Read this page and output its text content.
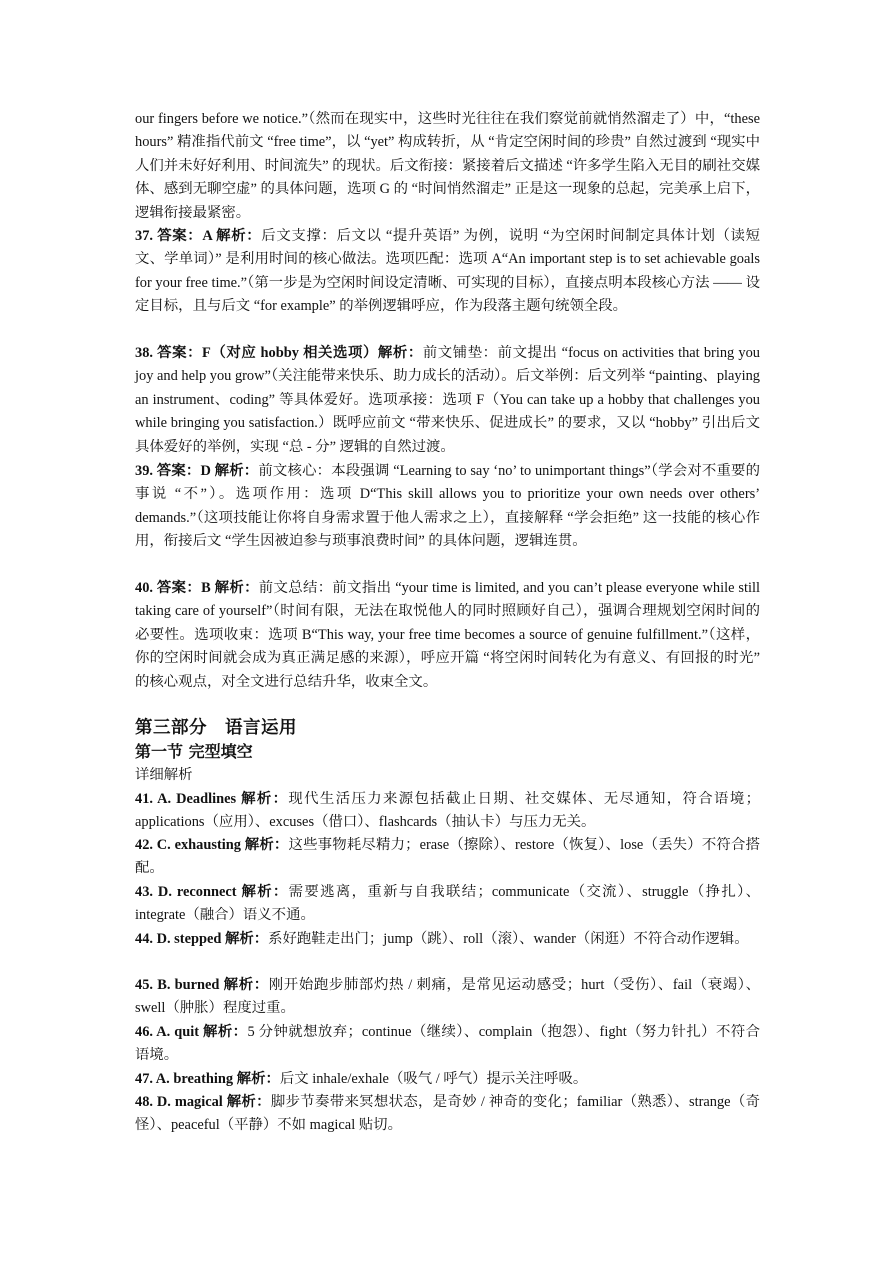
our fingers before we notice.”（然而在现实中，这些时光往往在我们察觉前就悄然溜走了）中，“these hours” 精准指代前文 “free time”，以 “yet” 构成转折，从 “肯定空闲时间的珍贵” 自然过渡到 “现实中人们并未好好利用、时间流失” 的现状。后文衔接：紧接着后文描述 “许多学生陷入无目的刷社交媒体、感到无聊空虚” 的具体问题，选项 G 的 “时间悄然溜走” 正是这一现象的总起，完美承上启下，逻辑衔接最紧密。

37. 答案：A 解析：后文支撑：后文以 “提升英语” 为例，说明 “为空闲时间制定具体计划（读短文、学单词）” 是利用时间的核心做法。选项匹配：选项 A“An important step is to set achievable goals for your free time.”（第一步是为空闲时间设定清晰、可实现的目标），直接点明本段核心方法 —— 设定目标，且与后文 “for example” 的举例逻辑呼应，作为段落主题句统领全段。

38. 答案：F（对应 hobby 相关选项）解析：前文铺垫：前文提出 “focus on activities that bring you joy and help you grow”（关注能带来快乐、助力成长的活动）。后文举例：后文列举 “painting、playing an instrument、coding” 等具体爱好。选项承接：选项 F（You can take up a hobby that challenges you while bringing you satisfaction.）既呼应前文 “带来快乐、促进成长” 的要求，又以 “hobby” 引出后文具体爱好的举例，实现 “总 - 分” 逻辑的自然过渡。

39. 答案：D 解析：前文核心：本段强调 “Learning to say ‘no’ to unimportant things”（学会对不重要的事说 “不”）。选项作用：选项 D“This skill allows you to prioritize your own needs over others’ demands.”（这项技能让你将自身需求置于他人需求之上），直接解释 “学会拒绝” 这一技能的核心作用，衔接后文 “学生因被迫参与琐事浪费时间” 的具体问题，逻辑连贯。

40. 答案：B 解析：前文总结：前文指出 “your time is limited, and you can’t please everyone while still taking care of yourself”（时间有限，无法在取悦他人的同时照顾好自己），强调合理规划空闲时间的必要性。选项收束：选项 B“This way, your free time becomes a source of genuine fulfillment.”（这样，你的空闲时间就会成为真正满足感的来源），呼应开篇 “将空闲时间转化为有意义、有回报的时光” 的核心观点，对全文进行总结升华，收束全文。

第三部分　语言运用
第一节 完型填空

详细解析

41. A. Deadlines 解析：现代生活压力来源包括截止日期、社交媒体、无尽通知，符合语境；applications（应用）、excuses（借口）、flashcards（抽认卡）与压力无关。

42. C. exhausting 解析：这些事物耗尽精力；erase（擦除）、restore（恢复）、lose（丢失）不符合搭配。

43. D. reconnect 解析：需要逃离，重新与自我联结；communicate（交流）、struggle（挣扎）、integrate（融合）语义不通。

44. D. stepped 解析：系好跑鞋走出门；jump（跳）、roll（滚）、wander（闲逛）不符合动作逻辑。

45. B. burned 解析：刚开始跑步肺部灼热 / 刺痛，是常见运动感受；hurt（受伤）、fail（衰竭）、swell（肿胀）程度过重。

46. A. quit 解析：5 分钟就想放弃；continue（继续）、complain（抱怨）、fight（努力针扎）不符合语境。

47. A. breathing 解析：后文 inhale/exhale（吸气 / 呼气）提示关注呼吸。

48. D. magical 解析：脚步节奏带来冥想状态，是奇妙 / 神奇的变化；familiar（熟悉）、strange（奇怪）、peaceful（平静）不如 magical 贴切。
